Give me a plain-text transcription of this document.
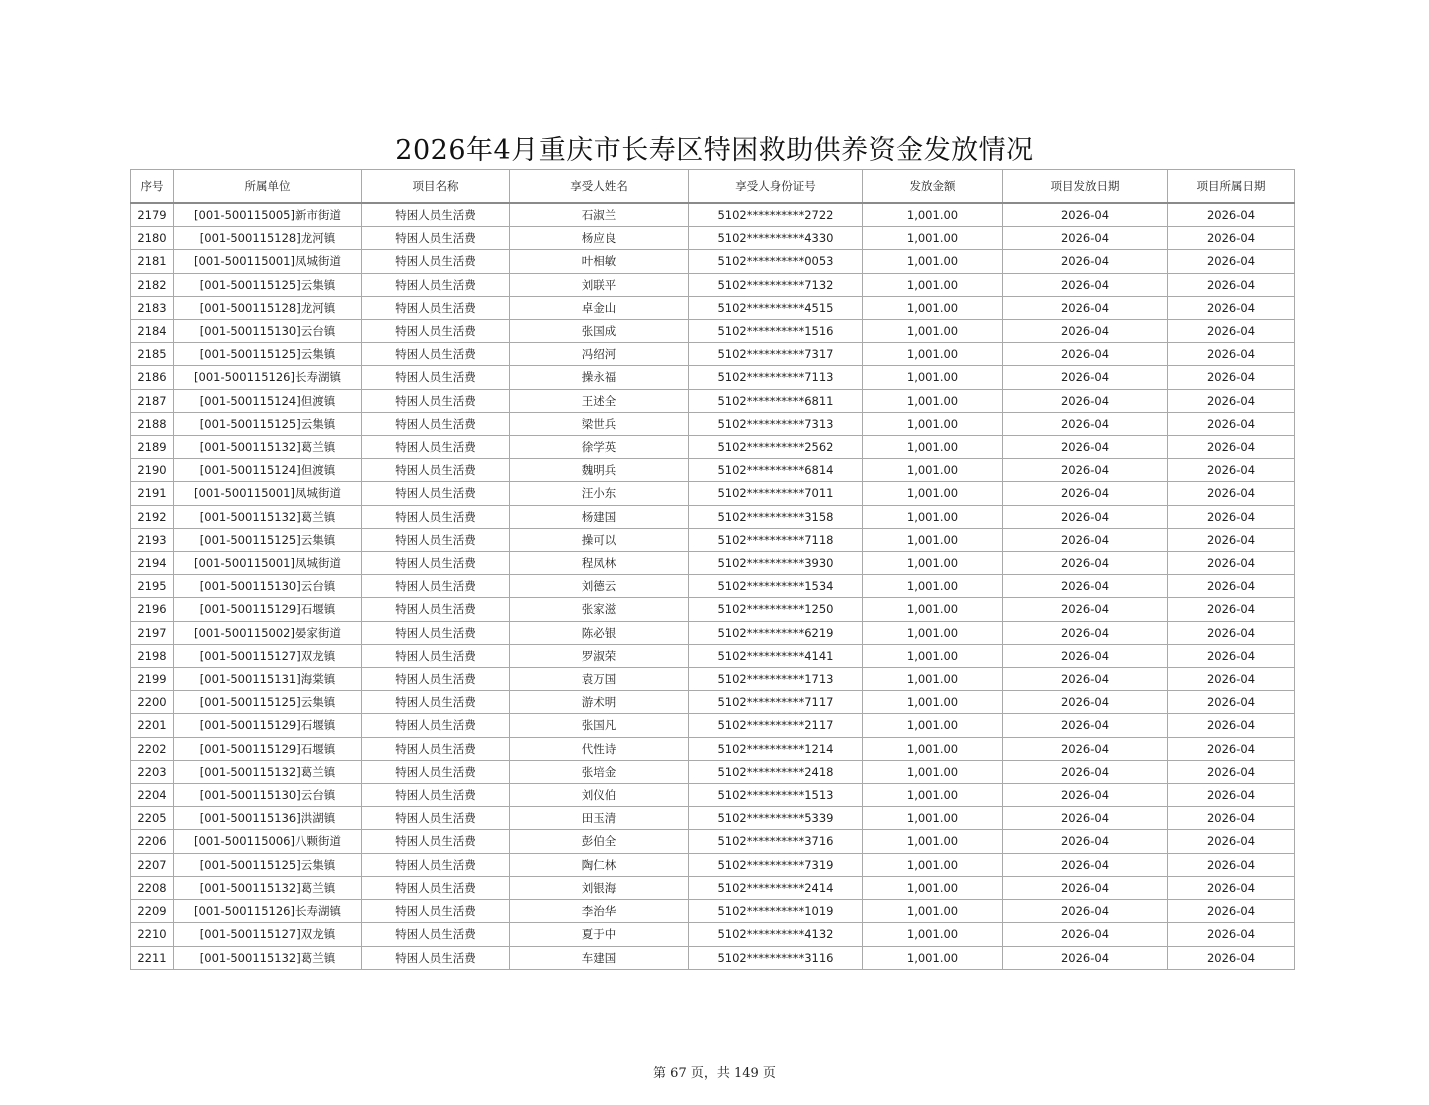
2026年4月重庆市长寿区特困救助供养资金发放情况
序号	所属单位	项目名称	享受人姓名	享受人身份证号	发放金额	项目发放日期	项目所属日期
2179	[001-500115005]新市街道	特困人员生活费	石淑兰	5102**********2722	1,001.00	2026-04	2026-04
2180	[001-500115128]龙河镇	特困人员生活费	杨应良	5102**********4330	1,001.00	2026-04	2026-04
2181	[001-500115001]凤城街道	特困人员生活费	叶相敏	5102**********0053	1,001.00	2026-04	2026-04
2182	[001-500115125]云集镇	特困人员生活费	刘联平	5102**********7132	1,001.00	2026-04	2026-04
2183	[001-500115128]龙河镇	特困人员生活费	卓金山	5102**********4515	1,001.00	2026-04	2026-04
2184	[001-500115130]云台镇	特困人员生活费	张国成	5102**********1516	1,001.00	2026-04	2026-04
2185	[001-500115125]云集镇	特困人员生活费	冯绍河	5102**********7317	1,001.00	2026-04	2026-04
2186	[001-500115126]长寿湖镇	特困人员生活费	操永福	5102**********7113	1,001.00	2026-04	2026-04
2187	[001-500115124]但渡镇	特困人员生活费	王述全	5102**********6811	1,001.00	2026-04	2026-04
2188	[001-500115125]云集镇	特困人员生活费	梁世兵	5102**********7313	1,001.00	2026-04	2026-04
2189	[001-500115132]葛兰镇	特困人员生活费	徐学英	5102**********2562	1,001.00	2026-04	2026-04
2190	[001-500115124]但渡镇	特困人员生活费	魏明兵	5102**********6814	1,001.00	2026-04	2026-04
2191	[001-500115001]凤城街道	特困人员生活费	汪小东	5102**********7011	1,001.00	2026-04	2026-04
2192	[001-500115132]葛兰镇	特困人员生活费	杨建国	5102**********3158	1,001.00	2026-04	2026-04
2193	[001-500115125]云集镇	特困人员生活费	操可以	5102**********7118	1,001.00	2026-04	2026-04
2194	[001-500115001]凤城街道	特困人员生活费	程凤林	5102**********3930	1,001.00	2026-04	2026-04
2195	[001-500115130]云台镇	特困人员生活费	刘德云	5102**********1534	1,001.00	2026-04	2026-04
2196	[001-500115129]石堰镇	特困人员生活费	张家滋	5102**********1250	1,001.00	2026-04	2026-04
2197	[001-500115002]晏家街道	特困人员生活费	陈必银	5102**********6219	1,001.00	2026-04	2026-04
2198	[001-500115127]双龙镇	特困人员生活费	罗淑荣	5102**********4141	1,001.00	2026-04	2026-04
2199	[001-500115131]海棠镇	特困人员生活费	袁万国	5102**********1713	1,001.00	2026-04	2026-04
2200	[001-500115125]云集镇	特困人员生活费	游术明	5102**********7117	1,001.00	2026-04	2026-04
2201	[001-500115129]石堰镇	特困人员生活费	张国凡	5102**********2117	1,001.00	2026-04	2026-04
2202	[001-500115129]石堰镇	特困人员生活费	代性诗	5102**********1214	1,001.00	2026-04	2026-04
2203	[001-500115132]葛兰镇	特困人员生活费	张培金	5102**********2418	1,001.00	2026-04	2026-04
2204	[001-500115130]云台镇	特困人员生活费	刘仪伯	5102**********1513	1,001.00	2026-04	2026-04
2205	[001-500115136]洪湖镇	特困人员生活费	田玉清	5102**********5339	1,001.00	2026-04	2026-04
2206	[001-500115006]八颗街道	特困人员生活费	彭伯全	5102**********3716	1,001.00	2026-04	2026-04
2207	[001-500115125]云集镇	特困人员生活费	陶仁林	5102**********7319	1,001.00	2026-04	2026-04
2208	[001-500115132]葛兰镇	特困人员生活费	刘银海	5102**********2414	1,001.00	2026-04	2026-04
2209	[001-500115126]长寿湖镇	特困人员生活费	李治华	5102**********1019	1,001.00	2026-04	2026-04
2210	[001-500115127]双龙镇	特困人员生活费	夏于中	5102**********4132	1,001.00	2026-04	2026-04
2211	[001-500115132]葛兰镇	特困人员生活费	车建国	5102**********3116	1,001.00	2026-04	2026-04
第 67 页，共 149 页
